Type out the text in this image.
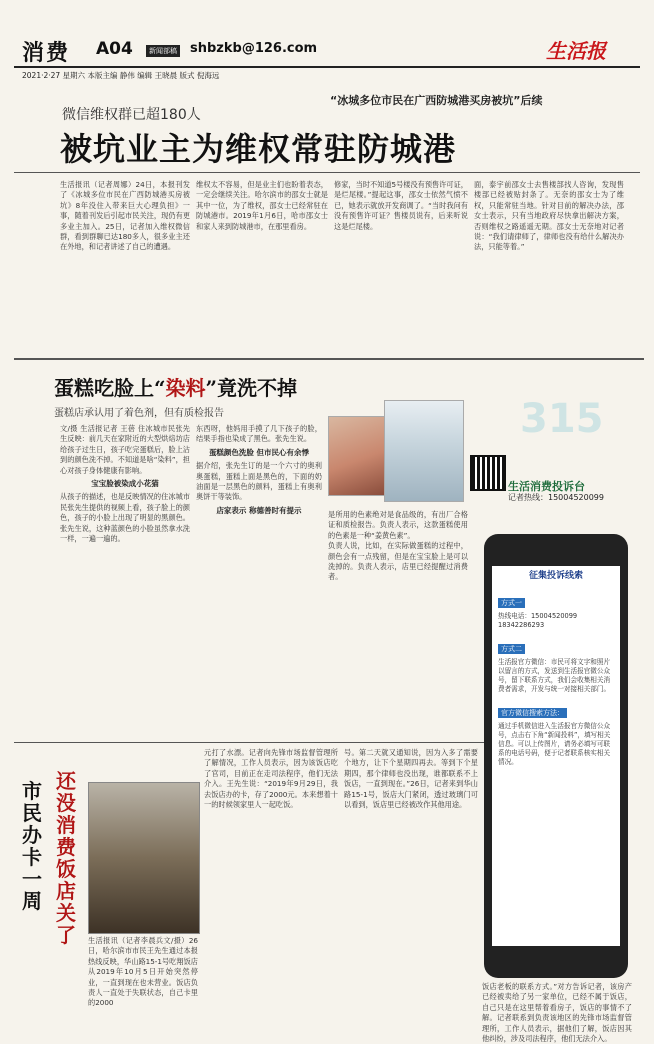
消费 A04	新闻部稿 shbzkb@126.com	生活报
2021·2·27 星期六 本版主编 静伟 编辑 王晓晨 版式 倪海远
微信维权群已超180人
“冰城多位市民在广西防城港买房被坑”后续
被坑业主为维权常驻防城港
生活报讯（记者周娜）24日，本报刊发了《冰城多位市民在广西防城港买房被坑》8年没住入带来巨大心理负担》一事，随着刊发后引起市民关注，现仍有更多业主加入。25日，记者加入维权微信群，看到群聊已达180多人，很多业主还在外地，和记者讲述了自己的遭遇。
维权太不容易，但是业主们也盼着表态，一定会继续关注。哈尔滨市的邵女士就是其中一位，为了维权，邵女士已经常驻在防城港市。2019年1月6日，哈市邵女士和家人来到防城港市，在那里看房。
修家，当时不知道5号楼没有预售许可证，是烂尾楼。”提起这事，邵女士依然气愤不已，她表示就放开发商调了。“当时我问有没有预售许可证？售楼员说有，后来听说这是烂尾楼。
面，泰宇前邵女士去售楼部找人咨询，发现售楼部已经被贴封条了。无奈的邵女士为了维权，只能常驻当地。针对目前的解决办法，邵女士表示，只有当地政府尽快拿出解决方案，否则维权之路遥遥无期。邵女士无奈地对记者说：“我们请律师了，律师也没有给什么解决办法，只能等着。”
蛋糕吃脸上“染料”竟洗不掉
蛋糕店承认用了着色剂，但有质检报告
文/摄 生活报记者 王蓓 住冰城市民张先生反映：前几天在家附近的大型烘焙坊店给孩子过生日，孩子吃完蛋糕后，脸上沾到的颜色洗不掉。不知道是啥“染料”，担心对孩子身体健康有影响。
宝宝脸被染成小花猫
从孩子的描述，也是反映情况的住冰城市民张先生提供的视频上看，孩子脸上的颜色，孩子的小脸上出现了明显的黑颜色。张先生说，这种蓝颜色的小脸虽然拿水洗一样，一遍一遍的。
东西呀，他妈用手摸了几下孩子的脸，结果手指也染成了黑色。张先生说。
蛋糕颜色洗脸 但市民心有余悸
据介绍，张先生订的是一个六寸的奥利奥蛋糕，蛋糕上面是黑色的，下面的奶油面是一层黑色的颜料，蛋糕上有奥利奥饼干等装饰。
店家表示 称德善时有提示	是所用的色素绝对是食品级的，有出厂合格证和质检报告。负责人表示，这款蛋糕使用的色素是一种“姜黄色素”。
负责人说，比如，在实际做蛋糕的过程中，颜色会有一点残留，但是在宝宝脸上是可以洗掉的。负责人表示，店里已经提醒过消费者。
315
生活消费投诉台
记者热线：15004520099
征集投诉线索
方式一
热线电话：15004520099 18342286293
方式二
生活报官方微信：市民可将文字和照片以留言的方式，发送到生活报官微公众号，留下联系方式，我们会收集相关消费者需求，开发与统一对接相关部门。
官方微信搜索方法：
通过手机微信进入生活报官方微信公众号，点击右下角“新闻投料”，填写相关信息。可以上传图片，请务必填写可联系的电话号码，便于记者联系核实相关情况。
市民办卡一周
还没消费 饭店关了	生活报讯（记者李晨兵文/摄）26日，哈尔滨市市民王先生通过本报热线反映，华山路15-1号吃翔饭店从2019年10月5日开始突然停业，一直到现在也未营业。饭店负责人一直处于失联状态，自己卡里的2000
元打了水漂。记者向先锋市场监督管理所了解情况，工作人员表示，因为该饭店吃了官司，目前正在走司法程序，他们无法介入。王先生说：“2019年9月29日，我去饭店办的卡，存了2000元。本来想着十一的时候领家里人一起吃饭。
号。第二天就又通知说，因为入多了需要个地方，让下个星期四再去。等到下个星期四，那个律师也没出现，谁都联系不上饭店，一直到现在。”26日，记者来到华山路15-1号，饭店大门紧闭，透过玻璃门可以看到，饭店里已经被改作其他用途。
饭店老板的联系方式。”对方告诉记者，该房产已经被卖给了另一家单位，已经不属于饭店，自己只是在这里帮着看房子，饭店的事情不了解。记者联系到负责该地区的先锋市场监督管理所，工作人员表示，据他们了解，饭店因其他纠纷，涉及司法程序，他们无法介入。
